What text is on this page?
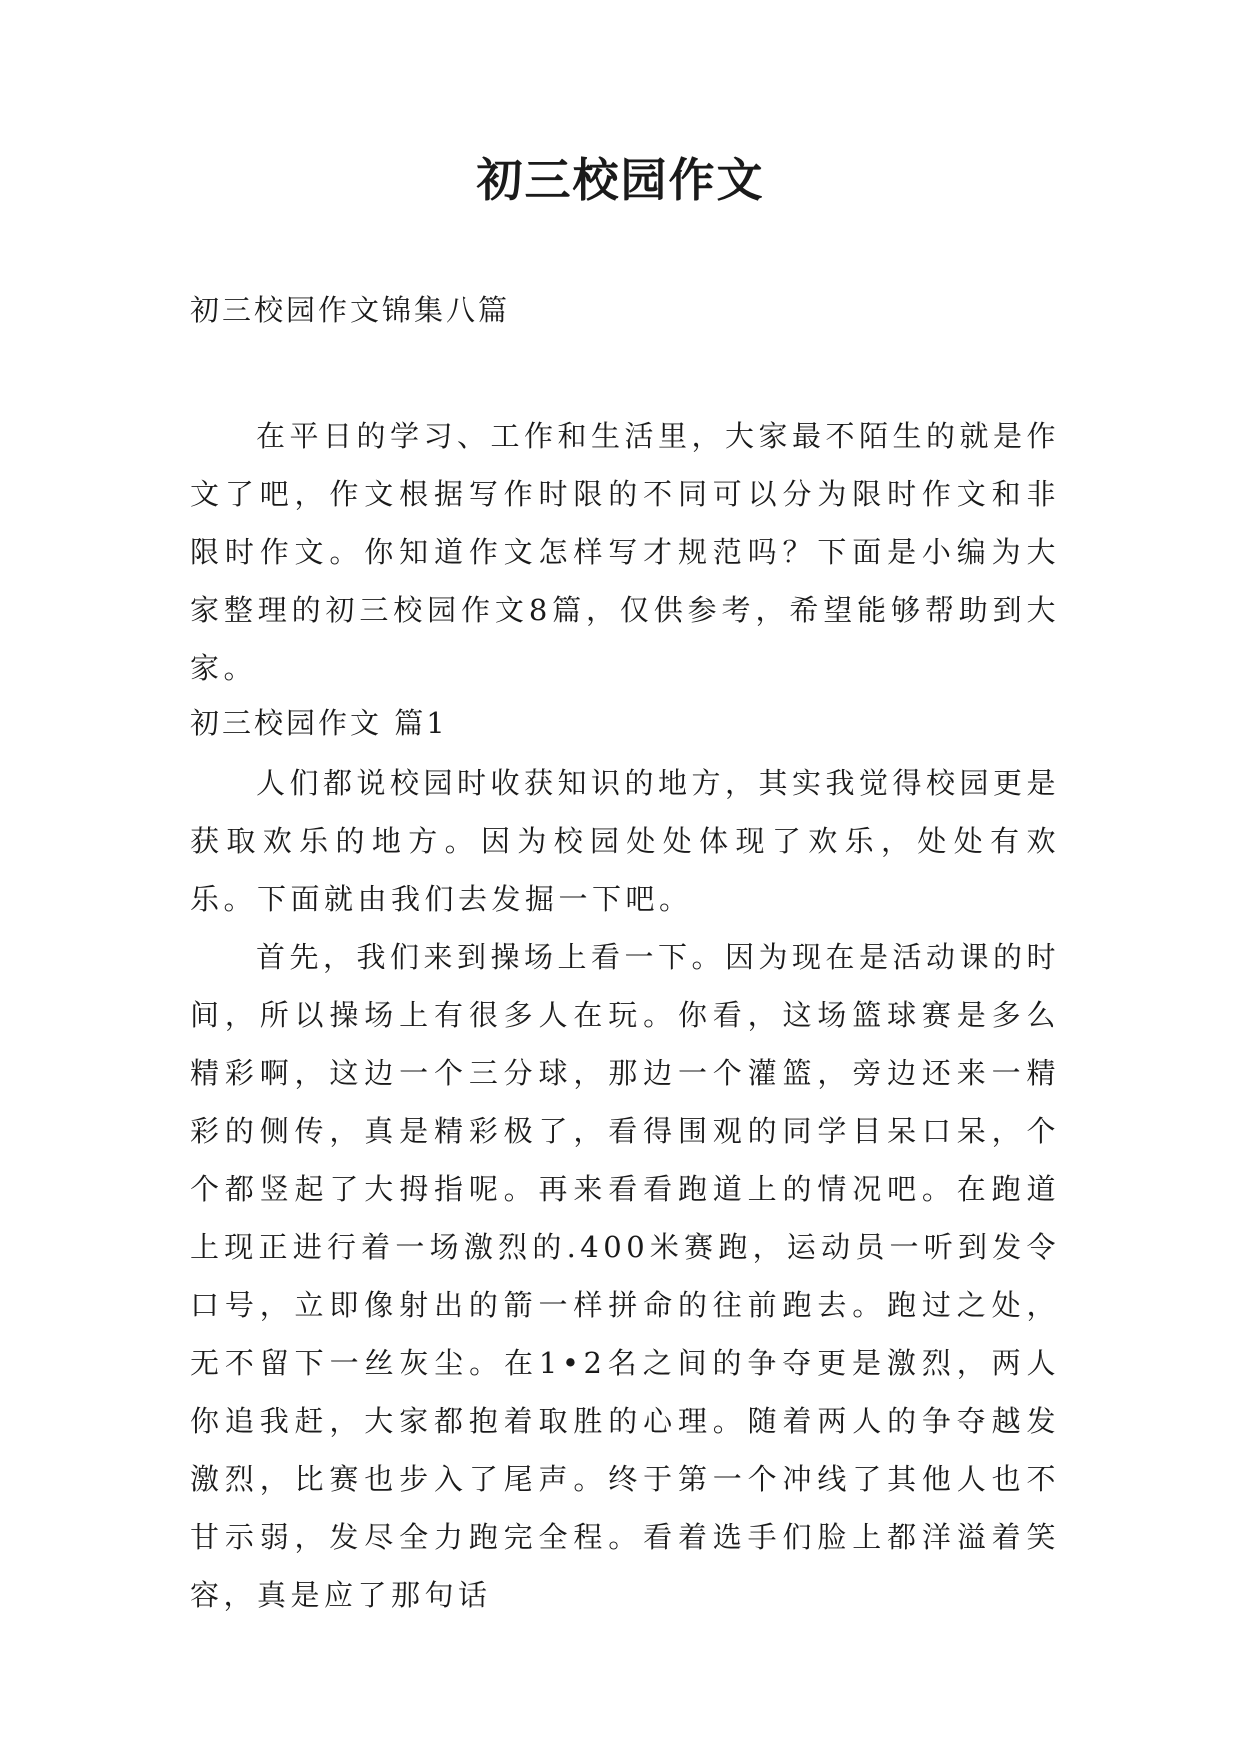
初三校园作文
初三校园作文锦集八篇

在平日的学习、工作和生活里，大家最不陌生的就是作文了吧，作文根据写作时限的不同可以分为限时作文和非限时作文。你知道作文怎样写才规范吗？下面是小编为大家整理的初三校园作文8篇，仅供参考，希望能够帮助到大家。

初三校园作文 篇1

人们都说校园时收获知识的地方，其实我觉得校园更是获取欢乐的地方。因为校园处处体现了欢乐，处处有欢乐。下面就由我们去发掘一下吧。

首先，我们来到操场上看一下。因为现在是活动课的时间，所以操场上有很多人在玩。你看，这场篮球赛是多么精彩啊，这边一个三分球，那边一个灌篮，旁边还来一精彩的侧传，真是精彩极了，看得围观的同学目呆口呆，个个都竖起了大拇指呢。再来看看跑道上的情况吧。在跑道上现正进行着一场激烈的.400米赛跑，运动员一听到发令口号，立即像射出的箭一样拼命的往前跑去。跑过之处，无不留下一丝灰尘。在1•2名之间的争夺更是激烈，两人你追我赶，大家都抱着取胜的心理。随着两人的争夺越发激烈，比赛也步入了尾声。终于第一个冲线了其他人也不甘示弱，发尽全力跑完全程。看着选手们脸上都洋溢着笑容，真是应了那句话
